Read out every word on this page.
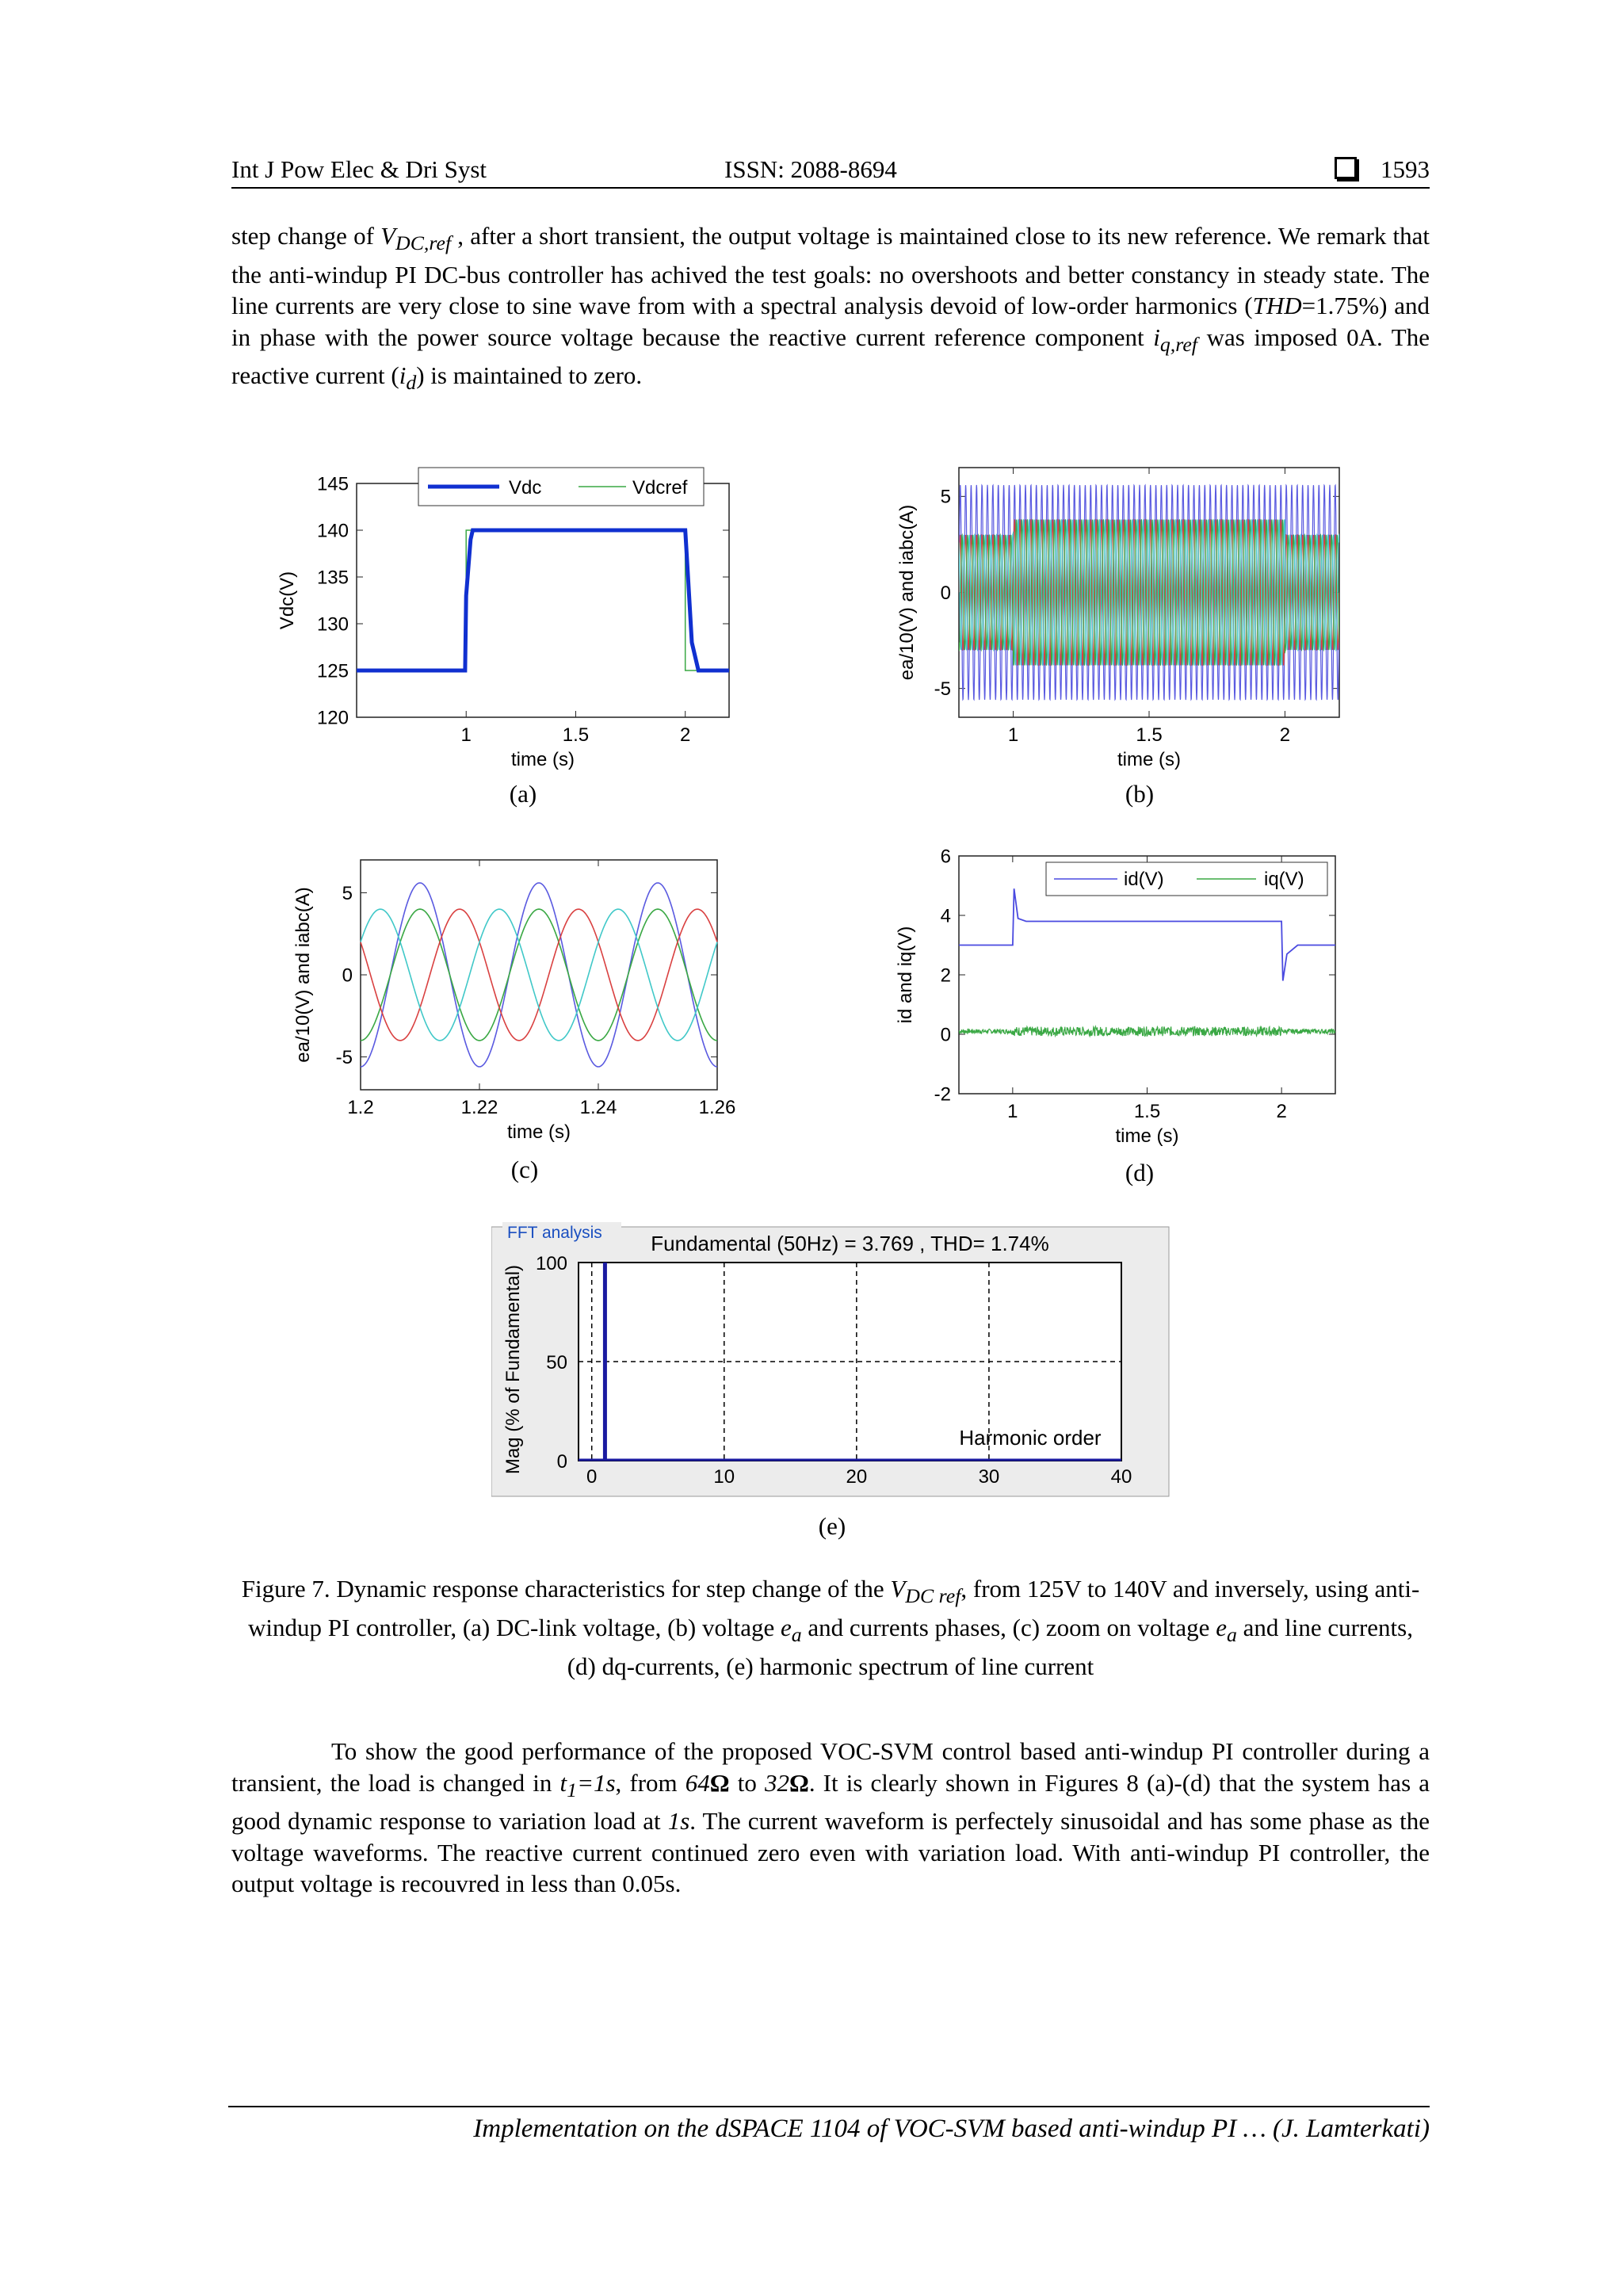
Int J Pow Elec & Dri Syst	ISSN: 2088-8694	1593
step change of $V_{DC,ref}$ , after a short transient, the output voltage is maintained close to its new reference. We remark that the anti-windup PI DC-bus controller has achived the test goals: no overshoots and better constancy in steady state. The line currents are very close to sine wave from with a spectral analysis devoid of low-order harmonics (THD=1.75%) and in phase with the power source voltage because the reactive current reference component $i_{q,ref}$ was imposed 0A. The reactive current $(i_d)$ is maintained to zero.
1	1.5	2
120
125
130
135
140
145
time (s)
Vdc(V)
Vdc	Vdcref
(a)
1	1.5	2
-5
0
5
time (s)
ea/10(V) and iabc(A)
(b)
1.2	1.22	1.24	1.26
-5
0
5
time (s)
ea/10(V) and iabc(A)
(c)
1	1.5	2
-2
0
2
4
6
time (s)
id and iq(V)
id(V)	iq(V)
(d)
FFT analysis Fundamental (50Hz) = 3.769 , THD= 1.74%
0	10	20	30	40
0
50
100
Harmonic order
Mag (% of Fundamental)
(e)
Figure 7. Dynamic response characteristics for step change of the $V_{DC ref}$, from 125V to 140V and inversely, using anti-windup PI controller, (a) DC-link voltage, (b) voltage $e_a$ and currents phases, (c) zoom on voltage $e_a$ and line currents, (d) dq-currents, (e) harmonic spectrum of line current
To show the good performance of the proposed VOC-SVM control based anti-windup PI controller during a transient, the load is changed in $t_1=1s$, from 64Ω to 32Ω. It is clearly shown in Figures 8 (a)-(d) that the system has a good dynamic response to variation load at 1s. The current waveform is perfectely sinusoidal and has some phase as the voltage waveforms. The reactive current continued zero even with variation load. With anti-windup PI controller, the output voltage is recouvred in less than 0.05s.
Implementation on the dSPACE 1104 of VOC-SVM based anti-windup PI … (J. Lamterkati)
